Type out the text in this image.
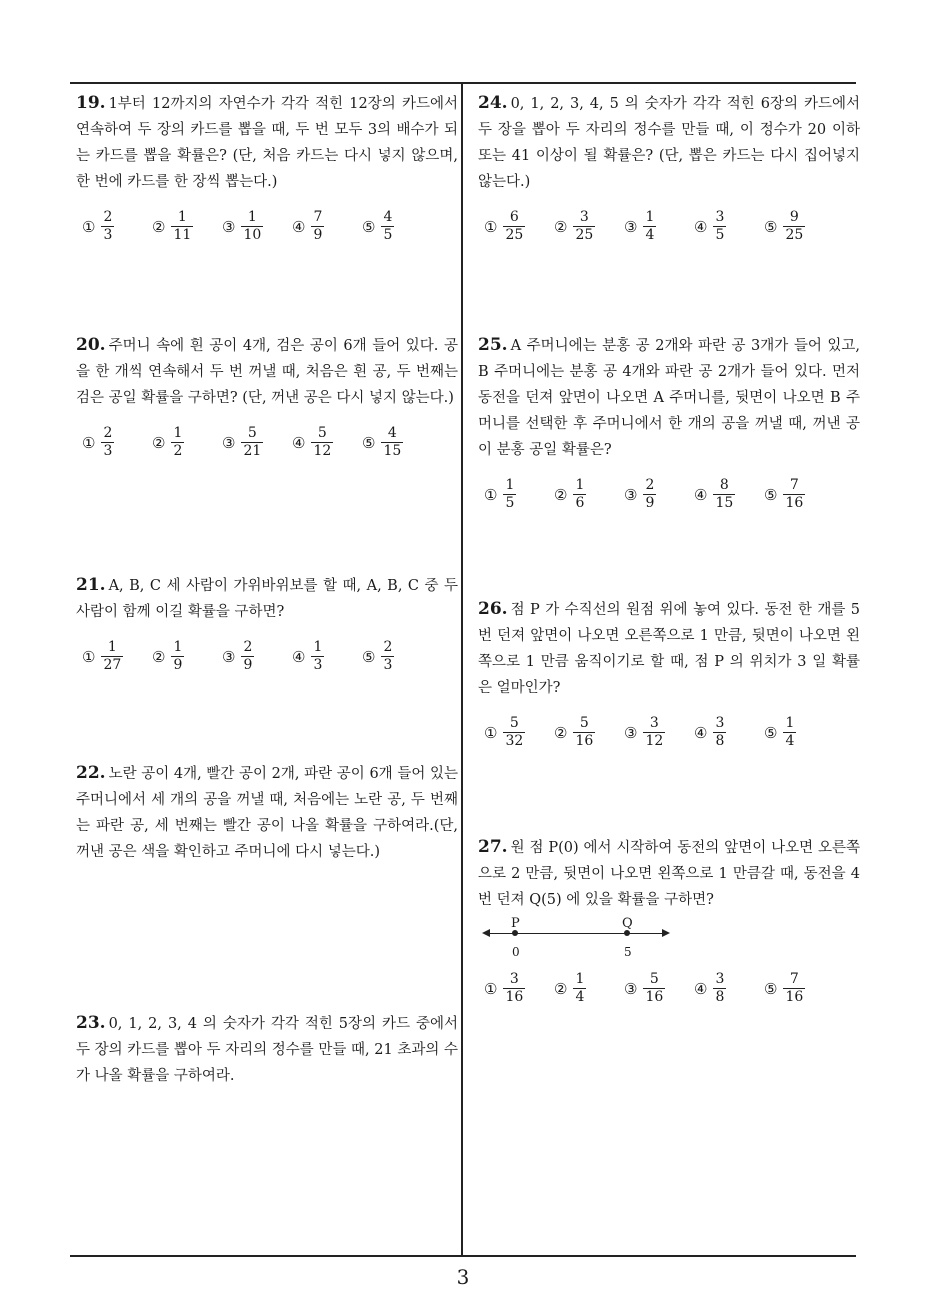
19. 1부터 12까지의 자연수가 각각 적힌 12장의 카드에서 연속하여 두 장의 카드를 뽑을 때, 두 번 모두 3의 배수가 되는 카드를 뽑을 확률은? (단, 처음 카드는 다시 넣지 않으며, 한 번에 카드를 한 장씩 뽑는다.)

① $\frac{2}{3}$	② $\frac{1}{11}$ ③ $\frac{1}{10}$ ④ $\frac{7}{9}$	⑤ $\frac{4}{5}$

20. 주머니 속에 흰 공이 4개, 검은 공이 6개 들어 있다. 공을 한 개씩 연속해서 두 번 꺼낼 때, 처음은 흰 공, 두 번째는 검은 공일 확률을 구하면? (단, 꺼낸 공은 다시 넣지 않는다.)

① $\frac{2}{3}$	② $\frac{1}{2}$	③ $\frac{5}{21}$ ④ $\frac{5}{12}$ ⑤ $\frac{4}{15}$

21. A, B, C 세 사람이 가위바위보를 할 때, A, B, C 중 두 사람이 함께 이길 확률을 구하면?

① $\frac{1}{27}$ ② $\frac{1}{9}$	③ $\frac{2}{9}$	④ $\frac{1}{3}$	⑤ $\frac{2}{3}$

22. 노란 공이 4개, 빨간 공이 2개, 파란 공이 6개 들어 있는 주머니에서 세 개의 공을 꺼낼 때, 처음에는 노란 공, 두 번째는 파란 공, 세 번째는 빨간 공이 나올 확률을 구하여라.(단, 꺼낸 공은 색을 확인하고 주머니에 다시 넣는다.)

23. 0, 1, 2, 3, 4 의 숫자가 각각 적힌 5장의 카드 중에서 두 장의 카드를 뽑아 두 자리의 정수를 만들 때, 21 초과의 수가 나올 확률을 구하여라.

24. 0, 1, 2, 3, 4, 5 의 숫자가 각각 적힌 6장의 카드에서 두 장을 뽑아 두 자리의 정수를 만들 때, 이 정수가 20 이하 또는 41 이상이 될 확률은? (단, 뽑은 카드는 다시 집어넣지 않는다.)

① $\frac{6}{25}$ ② $\frac{3}{25}$ ③ $\frac{1}{4}$	④ $\frac{3}{5}$	⑤ $\frac{9}{25}$

25. A 주머니에는 분홍 공 2개와 파란 공 3개가 들어 있고, B 주머니에는 분홍 공 4개와 파란 공 2개가 들어 있다. 먼저 동전을 던져 앞면이 나오면 A 주머니를, 뒷면이 나오면 B 주머니를 선택한 후 주머니에서 한 개의 공을 꺼낼 때, 꺼낸 공이 분홍 공일 확률은?

① $\frac{1}{5}$	② $\frac{1}{6}$	③ $\frac{2}{9}$	④ $\frac{8}{15}$ ⑤ $\frac{7}{16}$

26. 점 P 가 수직선의 원점 위에 놓여 있다. 동전 한 개를 5번 던져 앞면이 나오면 오른쪽으로 1 만큼, 뒷면이 나오면 왼쪽으로 1 만큼 움직이기로 할 때, 점 P 의 위치가 3 일 확률은 얼마인가?

① $\frac{5}{32}$ ② $\frac{5}{16}$ ③ $\frac{3}{12}$ ④ $\frac{3}{8}$	⑤ $\frac{1}{4}$

27. 원 점 P(0) 에서 시작하여 동전의 앞면이 나오면 오른쪽으로 2 만큼, 뒷면이 나오면 왼쪽으로 1 만큼갈 때, 동전을 4 번 던져 Q(5) 에 있을 확률을 구하면?

P	Q
0	5
① $\frac{3}{16}$ ② $\frac{1}{4}$	③ $\frac{5}{16}$ ④ $\frac{3}{8}$	⑤ $\frac{7}{16}$
3
